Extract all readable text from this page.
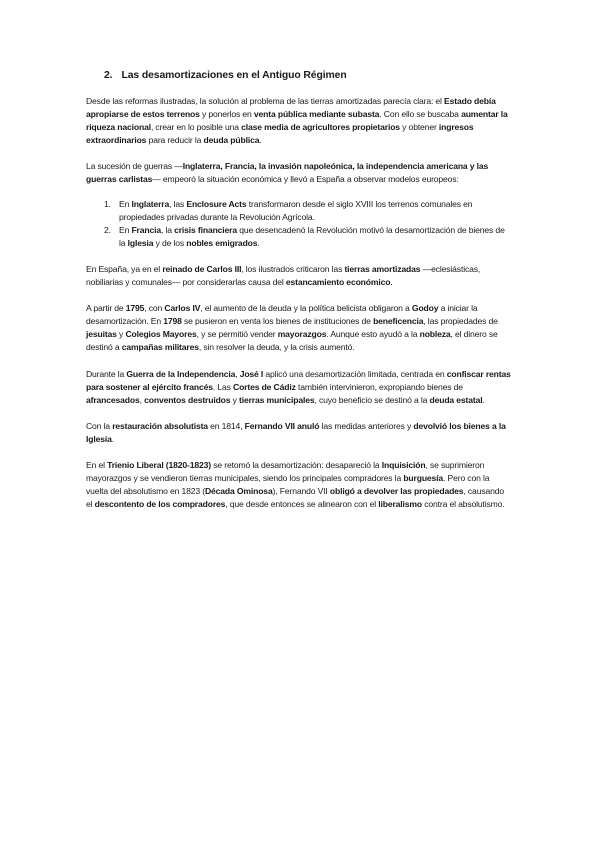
2. Las desamortizaciones en el Antiguo Régimen

Desde las reformas ilustradas, la solución al problema de las tierras amortizadas parecía clara: el Estado debía apropiarse de estos terrenos y ponerlos en venta pública mediante subasta. Con ello se buscaba aumentar la riqueza nacional, crear en lo posible una clase media de agricultores propietarios y obtener ingresos extraordinarios para reducir la deuda pública.

La sucesión de guerras —Inglaterra, Francia, la invasión napoleónica, la independencia americana y las guerras carlistas— empeoró la situación económica y llevó a España a observar modelos europeos:

1. En Inglaterra, las Enclosure Acts transformaron desde el siglo XVIII los terrenos comunales en propiedades privadas durante la Revolución Agrícola.
2. En Francia, la crisis financiera que desencadenó la Revolución motivó la desamortización de bienes de la Iglesia y de los nobles emigrados.

En España, ya en el reinado de Carlos III, los ilustrados criticaron las tierras amortizadas —eclesiásticas, nobiliarias y comunales— por considerarlas causa del estancamiento económico.

A partir de 1795, con Carlos IV, el aumento de la deuda y la política belicista obligaron a Godoy a iniciar la desamortización. En 1798 se pusieron en venta los bienes de instituciones de beneficencia, las propiedades de jesuitas y Colegios Mayores, y se permitió vender mayorazgos. Aunque esto ayudó a la nobleza, el dinero se destinó a campañas militares, sin resolver la deuda, y la crisis aumentó.

Durante la Guerra de la Independencia, José I aplicó una desamortización limitada, centrada en confiscar rentas para sostener al ejército francés. Las Cortes de Cádiz también intervinieron, expropiando bienes de afrancesados, conventos destruidos y tierras municipales, cuyo beneficio se destinó a la deuda estatal.

Con la restauración absolutista en 1814, Fernando VII anuló las medidas anteriores y devolvió los bienes a la Iglesia.

En el Trienio Liberal (1820-1823) se retomó la desamortización: desapareció la Inquisición, se suprimieron mayorazgos y se vendieron tierras municipales, siendo los principales compradores la burguesía. Pero con la vuelta del absolutismo en 1823 (Década Ominosa), Fernando VII obligó a devolver las propiedades, causando el descontento de los compradores, que desde entonces se alinearon con el liberalismo contra el absolutismo.
